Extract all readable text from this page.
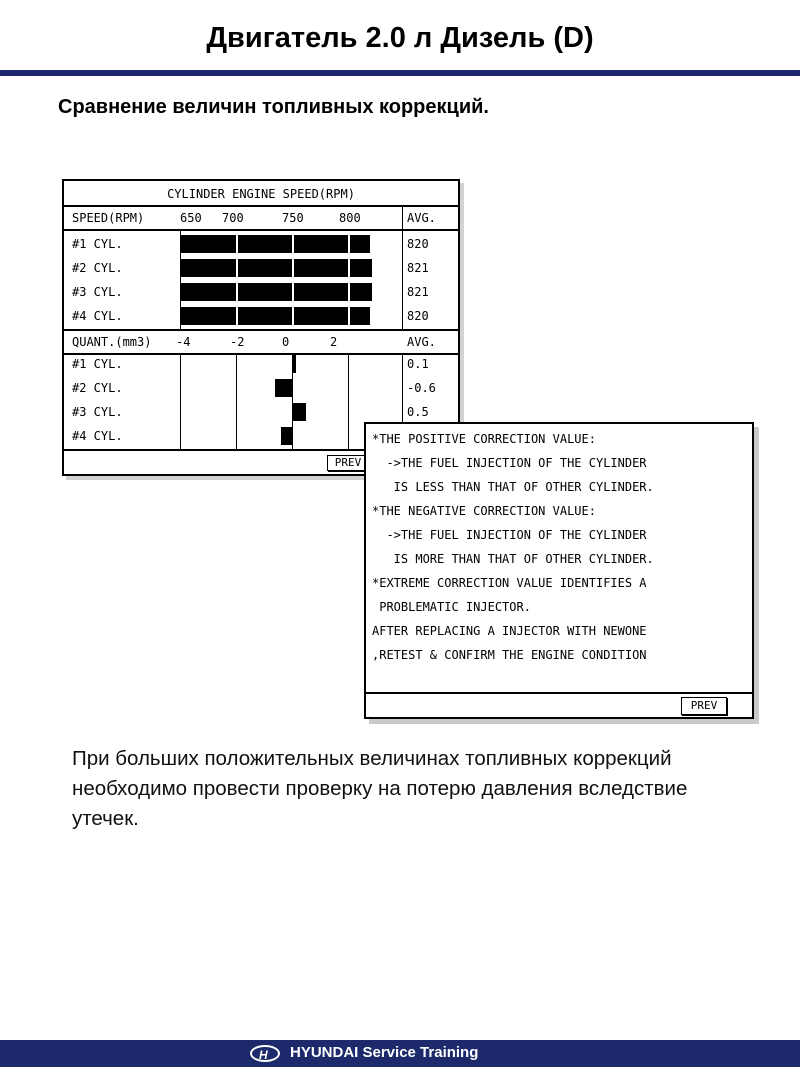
Двигатель 2.0 л Дизель (D)
Сравнение величин топливных коррекций.
CYLINDER ENGINE SPEED(RPM)
SPEED(RPM)	650 700	750	800	AVG.
#1 CYL.	820
#2 CYL.	821
#3 CYL.	821
#4 CYL.	820
QUANT.(mm3) -4	-2	0	2	AVG.
#1 CYL.	0.1
#2 CYL.	-0.6
#3 CYL.	0.5
#4 CYL.
PREV
*THE POSITIVE CORRECTION VALUE:
->THE FUEL INJECTION OF THE CYLINDER
IS LESS THAN THAT OF OTHER CYLINDER.
*THE NEGATIVE CORRECTION VALUE:
->THE FUEL INJECTION OF THE CYLINDER
IS MORE THAN THAT OF OTHER CYLINDER.
*EXTREME CORRECTION VALUE IDENTIFIES A
PROBLEMATIC INJECTOR.
AFTER REPLACING A INJECTOR WITH NEWONE
,RETEST & CONFIRM THE ENGINE CONDITION
PREV
При больших положительных величинах топливных коррекций необходимо провести проверку на потерю давления вследствие утечек.
H HYUNDAI Service Training
